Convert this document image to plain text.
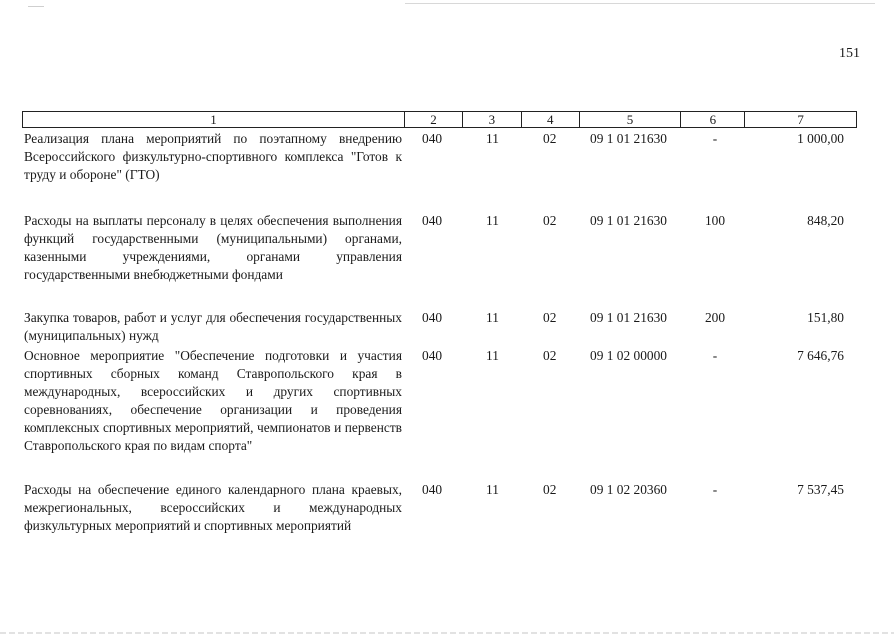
151
1	2	3	4	5	6	7
Реализация плана мероприятий по поэтапному внедрению Всероссийского физкультурно-спортивного комплекса "Готов к труду и обороне" (ГТО)
040	11	02	09 1 01 21630	-	1 000,00
Расходы на выплаты персоналу в целях обеспечения выполнения функций государственными (муниципальными) органами, казенными учреждениями, органами управления государственными внебюджетными фондами
040	11	02	09 1 01 21630	100	848,20
Закупка товаров, работ и услуг для обеспечения государственных (муниципальных) нужд
040	11	02	09 1 01 21630	200	151,80
Основное мероприятие "Обеспечение подготовки и участия спортивных сборных команд Ставропольского края в международных, всероссийских и других спортивных соревнованиях, обеспечение организации и проведения комплексных спортивных мероприятий, чемпионатов и первенств Ставропольского края по видам спорта"
040	11	02	09 1 02 00000	-	7 646,76
Расходы на обеспечение единого календарного плана краевых, межрегиональных, всероссийских и международных физкультурных мероприятий и спортивных мероприятий
040	11	02	09 1 02 20360	-	7 537,45
